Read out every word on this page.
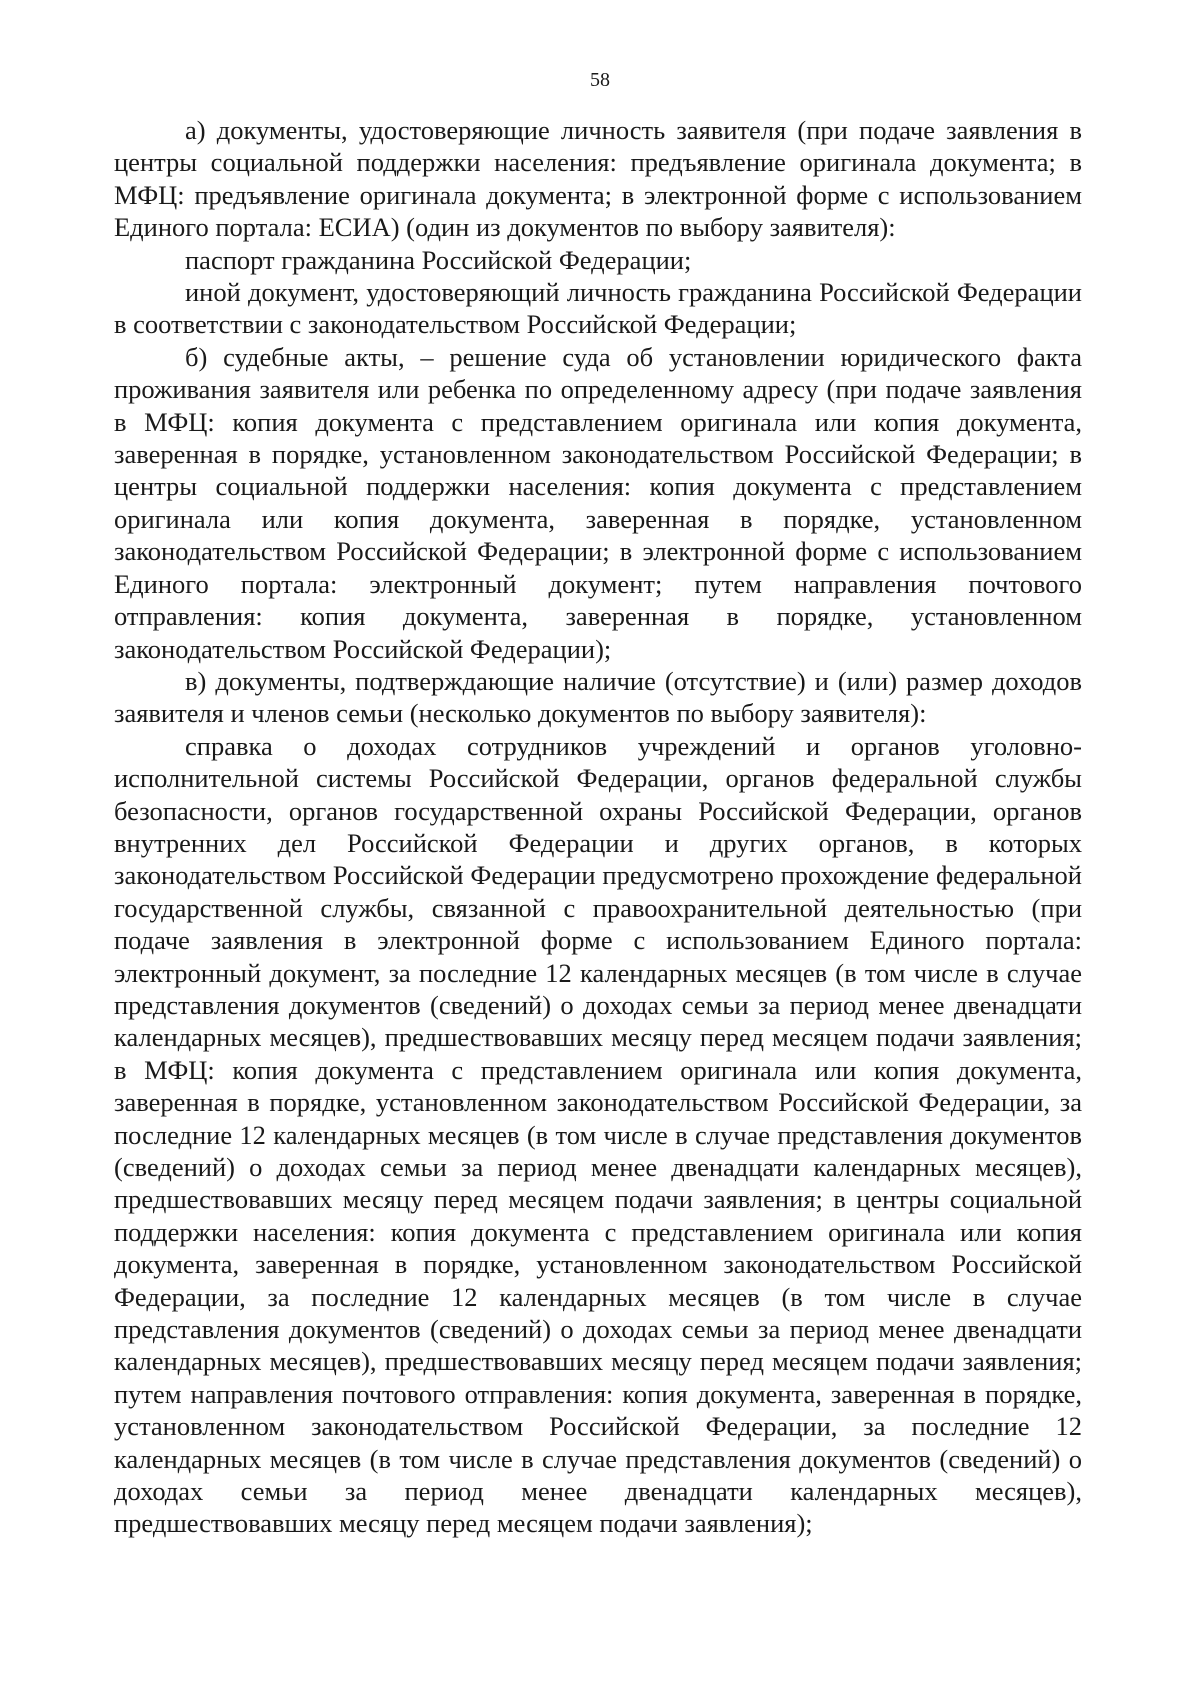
58

а) документы, удостоверяющие личность заявителя (при подаче заявления в центры социальной поддержки населения: предъявление оригинала документа; в МФЦ: предъявление оригинала документа; в электронной форме с использованием Единого портала: ЕСИА) (один из документов по выбору заявителя):

паспорт гражданина Российской Федерации;

иной документ, удостоверяющий личность гражданина Российской Федерации в соответствии с законодательством Российской Федерации;

б) судебные акты, – решение суда об установлении юридического факта проживания заявителя или ребенка по определенному адресу (при подаче заявления в МФЦ: копия документа с представлением оригинала или копия документа, заверенная в порядке, установленном законодательством Российской Федерации; в центры социальной поддержки населения: копия документа с представлением оригинала или копия документа, заверенная в порядке, установленном законодательством Российской Федерации; в электронной форме с использованием Единого портала: электронный документ; путем направления почтового отправления: копия документа, заверенная в порядке, установленном законодательством Российской Федерации);

в) документы, подтверждающие наличие (отсутствие) и (или) размер доходов заявителя и членов семьи (несколько документов по выбору заявителя):

справка о доходах сотрудников учреждений и органов уголовно-исполнительной системы Российской Федерации, органов федеральной службы безопасности, органов государственной охраны Российской Федерации, органов внутренних дел Российской Федерации и других органов, в которых законодательством Российской Федерации предусмотрено прохождение федеральной государственной службы, связанной с правоохранительной деятельностью (при подаче заявления в электронной форме с использованием Единого портала: электронный документ, за последние 12 календарных месяцев (в том числе в случае представления документов (сведений) о доходах семьи за период менее двенадцати календарных месяцев), предшествовавших месяцу перед месяцем подачи заявления; в МФЦ: копия документа с представлением оригинала или копия документа, заверенная в порядке, установленном законодательством Российской Федерации, за последние 12 календарных месяцев (в том числе в случае представления документов (сведений) о доходах семьи за период менее двенадцати календарных месяцев), предшествовавших месяцу перед месяцем подачи заявления; в центры социальной поддержки населения: копия документа с представлением оригинала или копия документа, заверенная в порядке, установленном законодательством Российской Федерации, за последние 12 календарных месяцев (в том числе в случае представления документов (сведений) о доходах семьи за период менее двенадцати календарных месяцев), предшествовавших месяцу перед месяцем подачи заявления; путем направления почтового отправления: копия документа, заверенная в порядке, установленном законодательством Российской Федерации, за последние 12 календарных месяцев (в том числе в случае представления документов (сведений) о доходах семьи за период менее двенадцати календарных месяцев), предшествовавших месяцу перед месяцем подачи заявления);
